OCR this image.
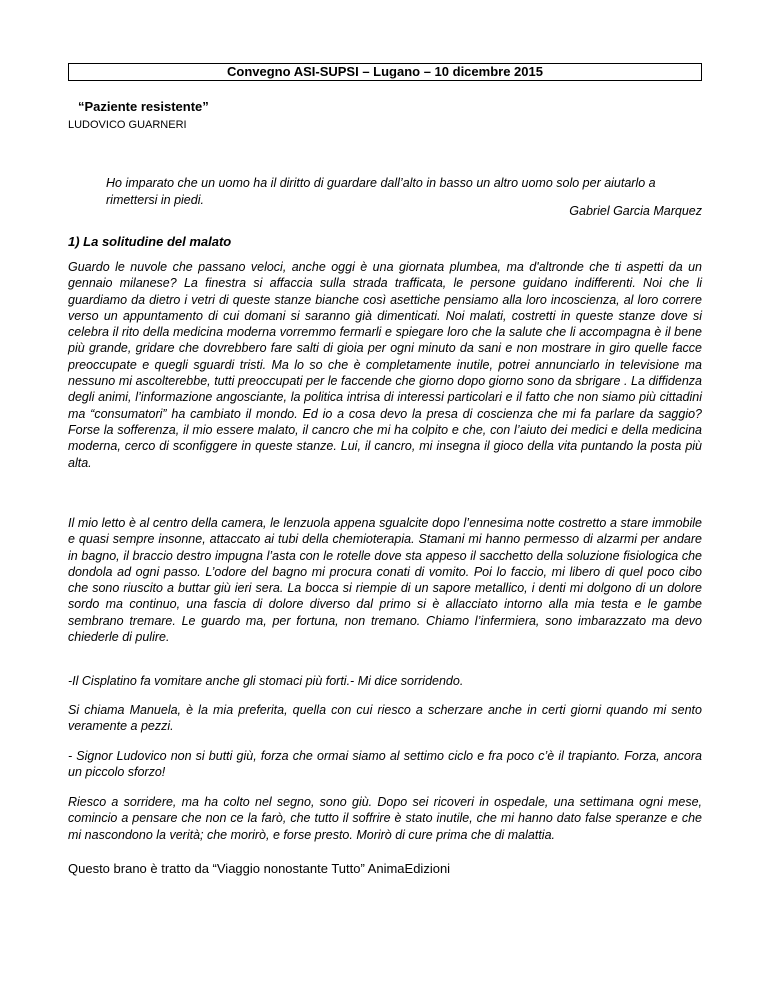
Convegno ASI-SUPSI – Lugano – 10 dicembre 2015
“Paziente resistente”
LUDOVICO GUARNERI
Ho imparato che un uomo ha il diritto di guardare dall’alto in basso un altro uomo solo per aiutarlo a rimettersi in piedi.
Gabriel Garcia Marquez
1) La solitudine del malato
Guardo le nuvole che passano veloci, anche oggi è una giornata plumbea, ma d'altronde che ti aspetti da un gennaio milanese? La finestra si affaccia sulla strada trafficata, le persone guidano indifferenti. Noi che li guardiamo da dietro i vetri di queste stanze bianche così asettiche pensiamo alla loro incoscienza, al loro correre verso un appuntamento di cui domani si saranno già dimenticati. Noi malati, costretti in queste stanze dove si celebra il rito della medicina moderna vorremmo fermarli e spiegare loro che la salute che li accompagna è il bene più grande, gridare che dovrebbero fare salti di gioia per ogni minuto da sani e non mostrare in giro quelle facce preoccupate e quegli sguardi tristi. Ma lo so che è completamente inutile, potrei annunciarlo in televisione ma nessuno mi ascolterebbe, tutti preoccupati per le faccende che giorno dopo giorno sono da sbrigare . La diffidenza degli animi, l’informazione angosciante, la politica intrisa di interessi particolari e il fatto che non siamo più cittadini ma “consumatori” ha cambiato il mondo. Ed io a cosa devo la presa di coscienza che mi fa parlare da saggio? Forse la sofferenza, il mio essere malato, il cancro che mi ha colpito e che, con l’aiuto dei medici e della medicina moderna, cerco di sconfiggere in queste stanze. Lui, il cancro, mi insegna il gioco della vita puntando la posta più alta.
Il mio letto è al centro della camera, le lenzuola appena sgualcite dopo l’ennesima notte costretto a stare immobile e quasi sempre insonne, attaccato ai tubi della chemioterapia. Stamani mi hanno permesso di alzarmi per andare in bagno, il braccio destro impugna l’asta con le rotelle dove sta appeso il sacchetto della soluzione fisiologica che dondola ad ogni passo. L’odore del bagno mi procura conati di vomito. Poi lo faccio, mi libero di quel poco cibo che sono riuscito a buttar giù ieri sera. La bocca si riempie di un sapore metallico, i denti mi dolgono di un dolore sordo ma continuo, una fascia di dolore diverso dal primo si è allacciato intorno alla mia testa e le gambe sembrano tremare. Le guardo ma, per fortuna, non tremano. Chiamo l’infermiera, sono imbarazzato ma devo chiederle di pulire.
-Il Cisplatino fa vomitare anche gli stomaci più forti.- Mi dice sorridendo.
Si chiama Manuela, è la mia preferita, quella con cui riesco a scherzare anche in certi giorni quando mi sento veramente a pezzi.
- Signor Ludovico non si butti giù, forza che ormai siamo al settimo ciclo e fra poco c’è il trapianto. Forza, ancora un piccolo sforzo!
Riesco a sorridere, ma ha colto nel segno, sono giù. Dopo sei ricoveri in ospedale, una settimana ogni mese, comincio a pensare che non ce la farò, che tutto il soffrire è stato inutile, che mi hanno dato false speranze e che mi nascondono la verità; che morirò, e forse presto. Morirò di cure prima che di malattia.
Questo brano è tratto da “Viaggio nonostante Tutto” AnimaEdizioni
